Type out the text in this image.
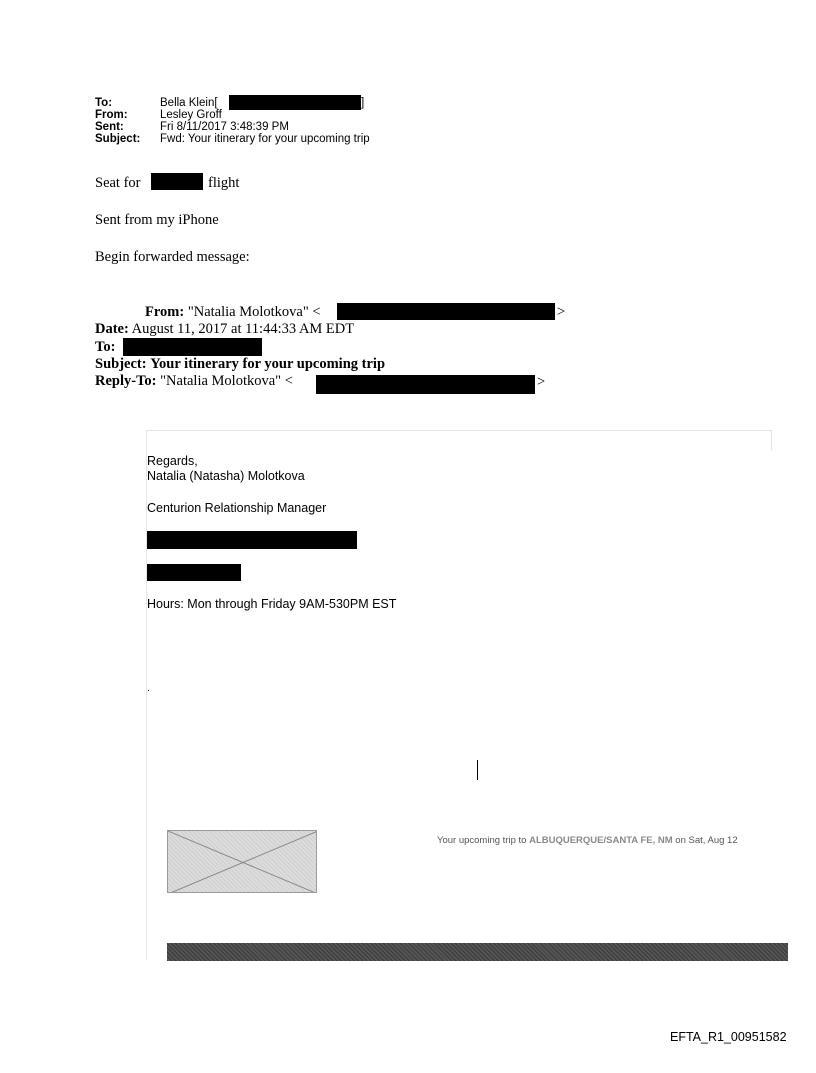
To:	Bella Klein[	]
From:	Lesley Groff
Sent:	Fri 8/11/2017 3:48:39 PM
Subject: Fwd: Your itinerary for your upcoming trip
Seat for	flight
Sent from my iPhone
Begin forwarded message:
From: "Natalia Molotkova" <	>
Date: August 11, 2017 at 11:44:33 AM EDT
To:
Subject: Your itinerary for your upcoming trip
Reply-To: "Natalia Molotkova" <	>
Regards,
Natalia (Natasha) Molotkova
Centurion Relationship Manager
Hours: Mon through Friday 9AM-530PM EST
.
Your upcoming trip to ALBUQUERQUE/SANTA FE, NM on Sat, Aug 12
EFTA_R1_00951582
